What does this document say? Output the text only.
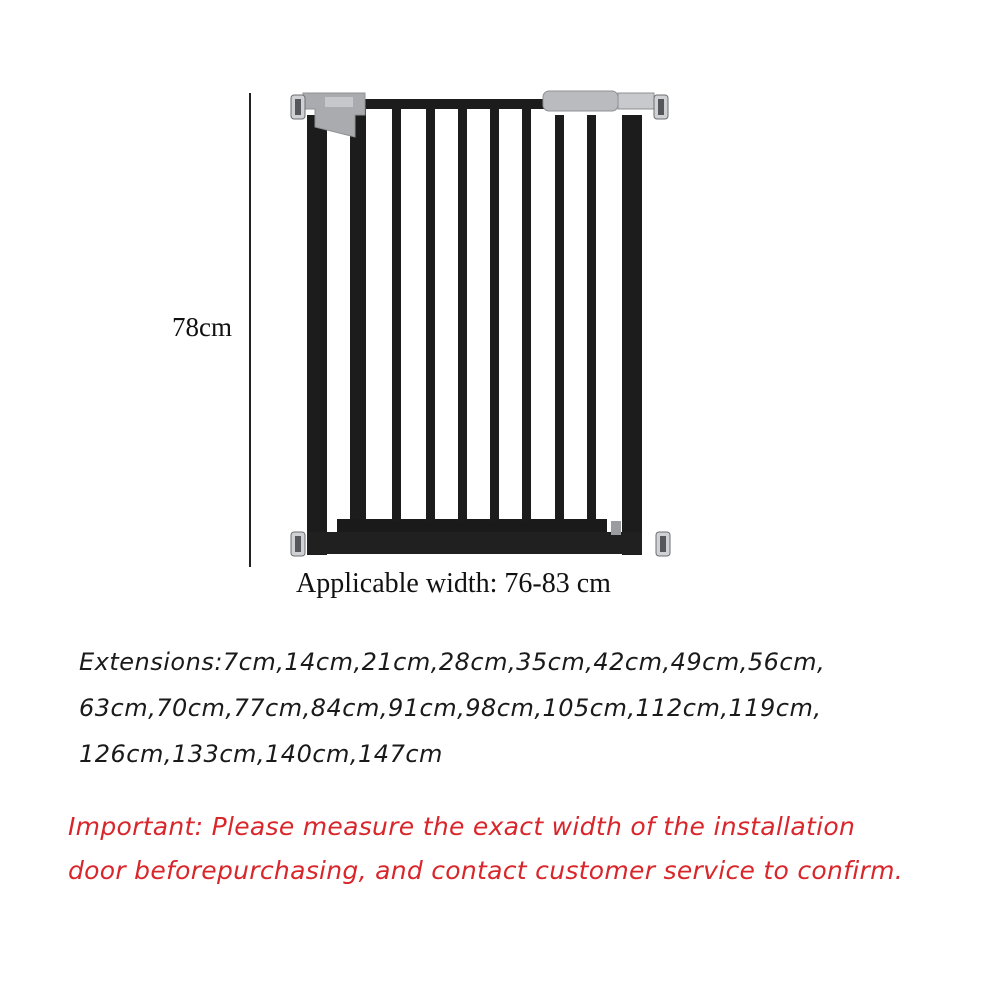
78cm
Applicable width: 76-83 cm
Extensions:7cm,14cm,21cm,28cm,35cm,42cm,49cm,56cm,
63cm,70cm,77cm,84cm,91cm,98cm,105cm,112cm,119cm,
126cm,133cm,140cm,147cm
Important: Please measure the exact width of the installation
door beforepurchasing, and contact customer service to confirm.
